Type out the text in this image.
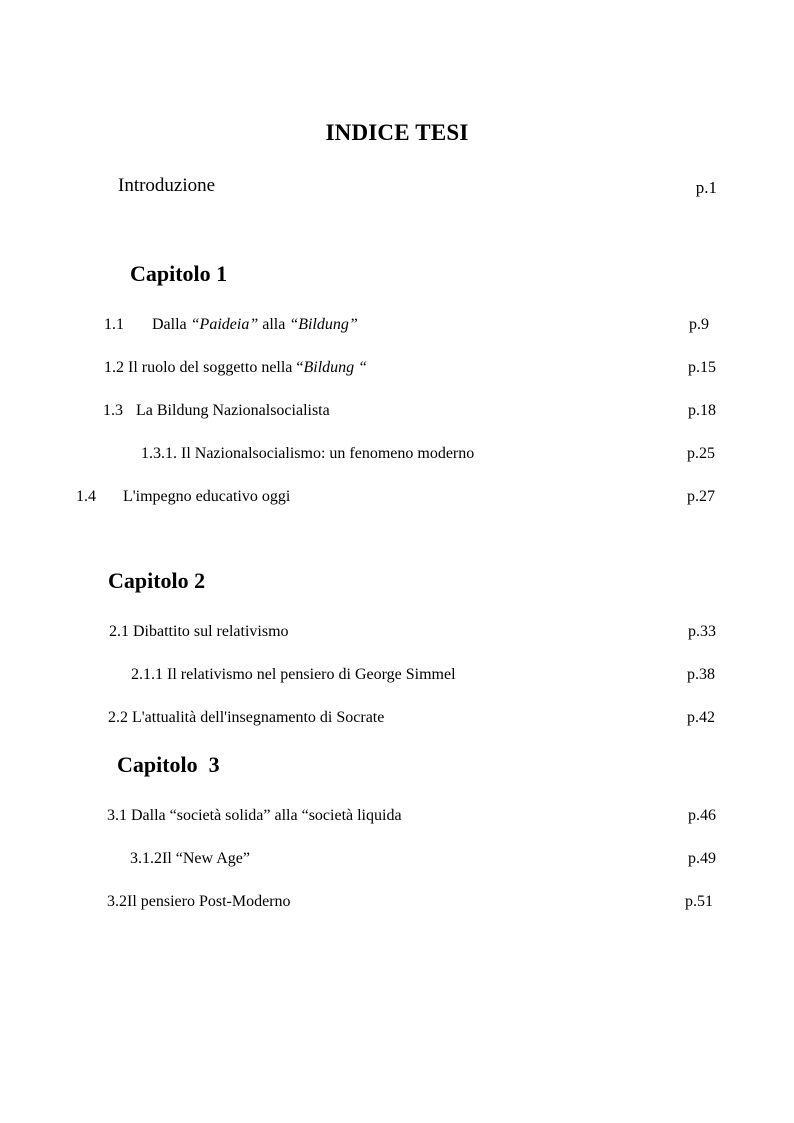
INDICE TESI
Introduzione	p.1
Capitolo 1
1.1 Dalla “Paideia” alla “Bildung”	p.9
1.2 Il ruolo del soggetto nella “Bildung “	p.15
1.3 La Bildung Nazionalsocialista	p.18
1.3.1. Il Nazionalsocialismo: un fenomeno moderno	p.25
1.4 L'impegno educativo oggi	p.27
Capitolo 2
2.1 Dibattito sul relativismo	p.33
2.1.1 Il relativismo nel pensiero di George Simmel	p.38
2.2 L'attualità dell'insegnamento di Socrate	p.42
Capitolo  3
3.1 Dalla “società solida” alla “società liquida	p.46
3.1.2Il “New Age”	p.49
3.2Il pensiero Post-Moderno	p.51
